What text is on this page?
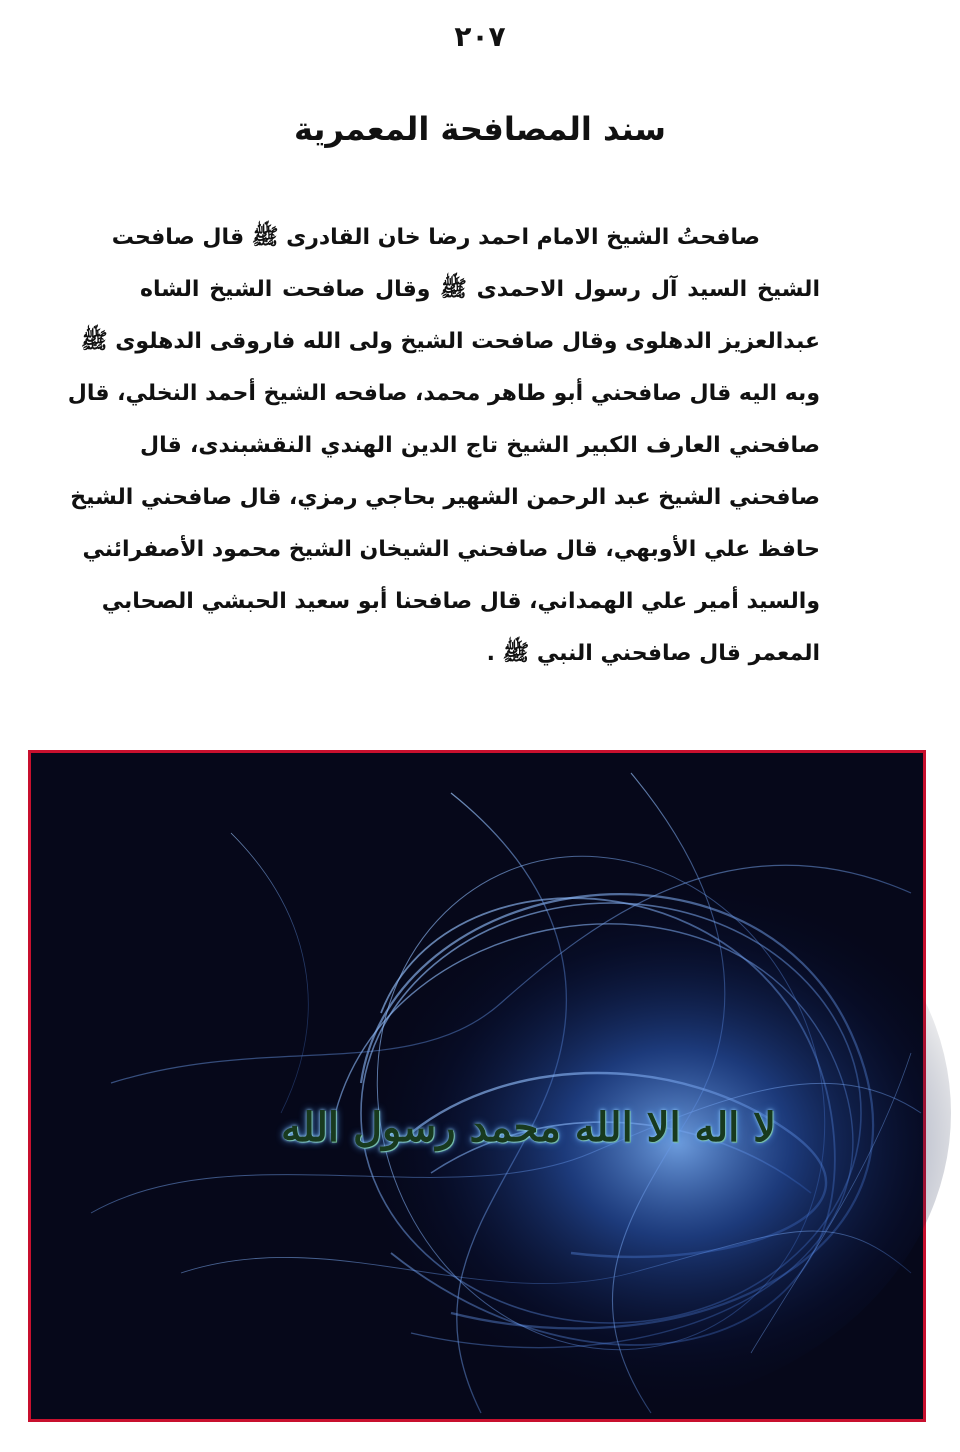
٢٠٧
سند المصافحة المعمرية
صافحتُ الشيخ الامام احمد رضا خان القادرى ﷺ قال صافحت
الشيخ السيد آل رسول الاحمدى ﷺ وقال صافحت الشيخ الشاه
عبدالعزيز الدهلوى وقال صافحت الشيخ ولى الله فاروقى الدهلوى ﷺ
وبه اليه قال صافحني أبو طاهر محمد، صافحه الشيخ أحمد النخلي، قال
صافحني العارف الكبير الشيخ تاج الدين الهندي النقشبندى، قال
صافحني الشيخ عبد الرحمن الشهير بحاجي رمزي، قال صافحني الشيخ
حافظ علي الأوبهي، قال صافحني الشيخان الشيخ محمود الأصفرائني
والسيد أمير علي الهمداني، قال صافحنا أبو سعيد الحبشي الصحابي
المعمر قال صافحني النبي ﷺ .
لا اله الا الله محمد رسول الله
